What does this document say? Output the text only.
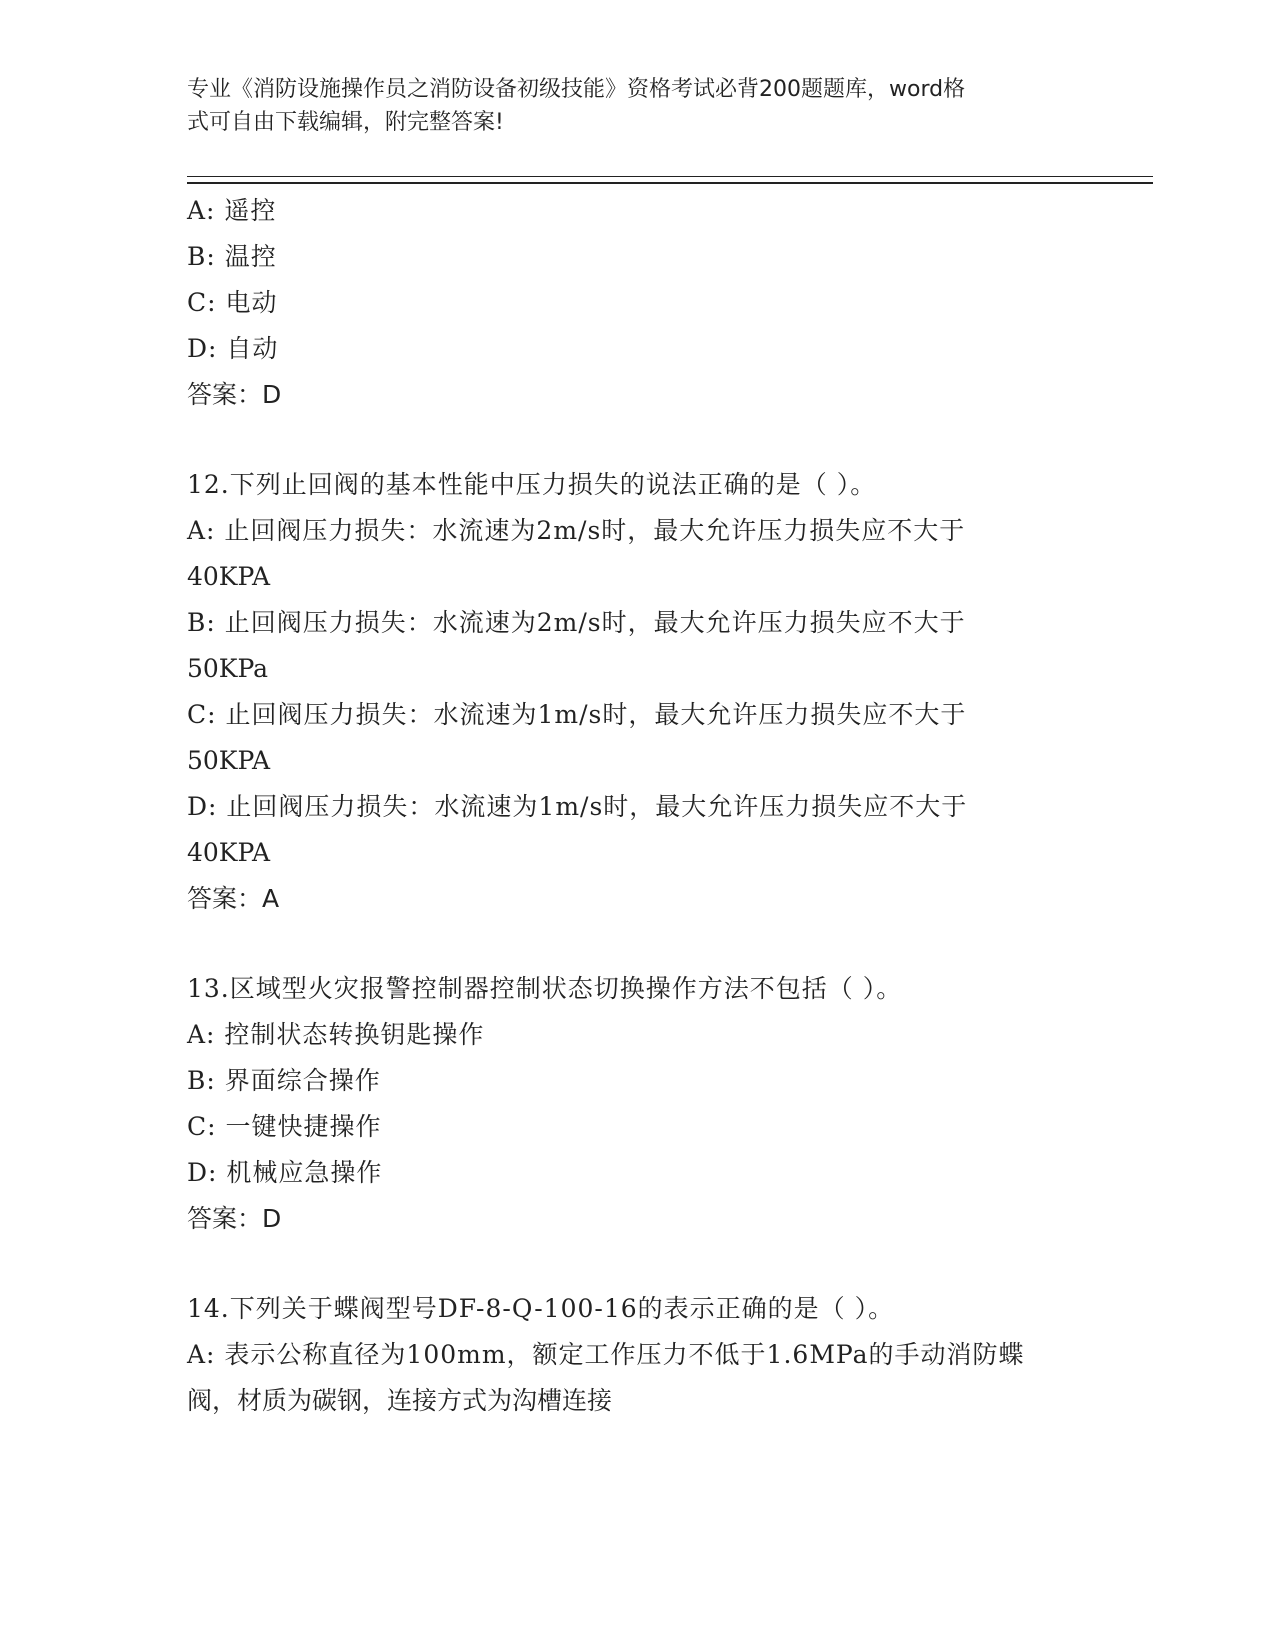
专业《消防设施操作员之消防设备初级技能》资格考试必背200题题库，word格
式可自由下载编辑，附完整答案!
A: 遥控
B: 温控
C: 电动
D: 自动
答案：D
12.下列止回阀的基本性能中压力损失的说法正确的是（ ）。
A: 止回阀压力损失：水流速为2m/s时，最大允许压力损失应不大于
40KPA
B: 止回阀压力损失：水流速为2m/s时，最大允许压力损失应不大于
50KPa
C: 止回阀压力损失：水流速为1m/s时，最大允许压力损失应不大于
50KPA
D: 止回阀压力损失：水流速为1m/s时，最大允许压力损失应不大于
40KPA
答案：A
13.区域型火灾报警控制器控制状态切换操作方法不包括（ ）。
A: 控制状态转换钥匙操作
B: 界面综合操作
C: 一键快捷操作
D: 机械应急操作
答案：D
14.下列关于蝶阀型号DF-8-Q-100-16的表示正确的是（ ）。
A: 表示公称直径为100mm，额定工作压力不低于1.6MPa的手动消防蝶
阀，材质为碳钢，连接方式为沟槽连接
